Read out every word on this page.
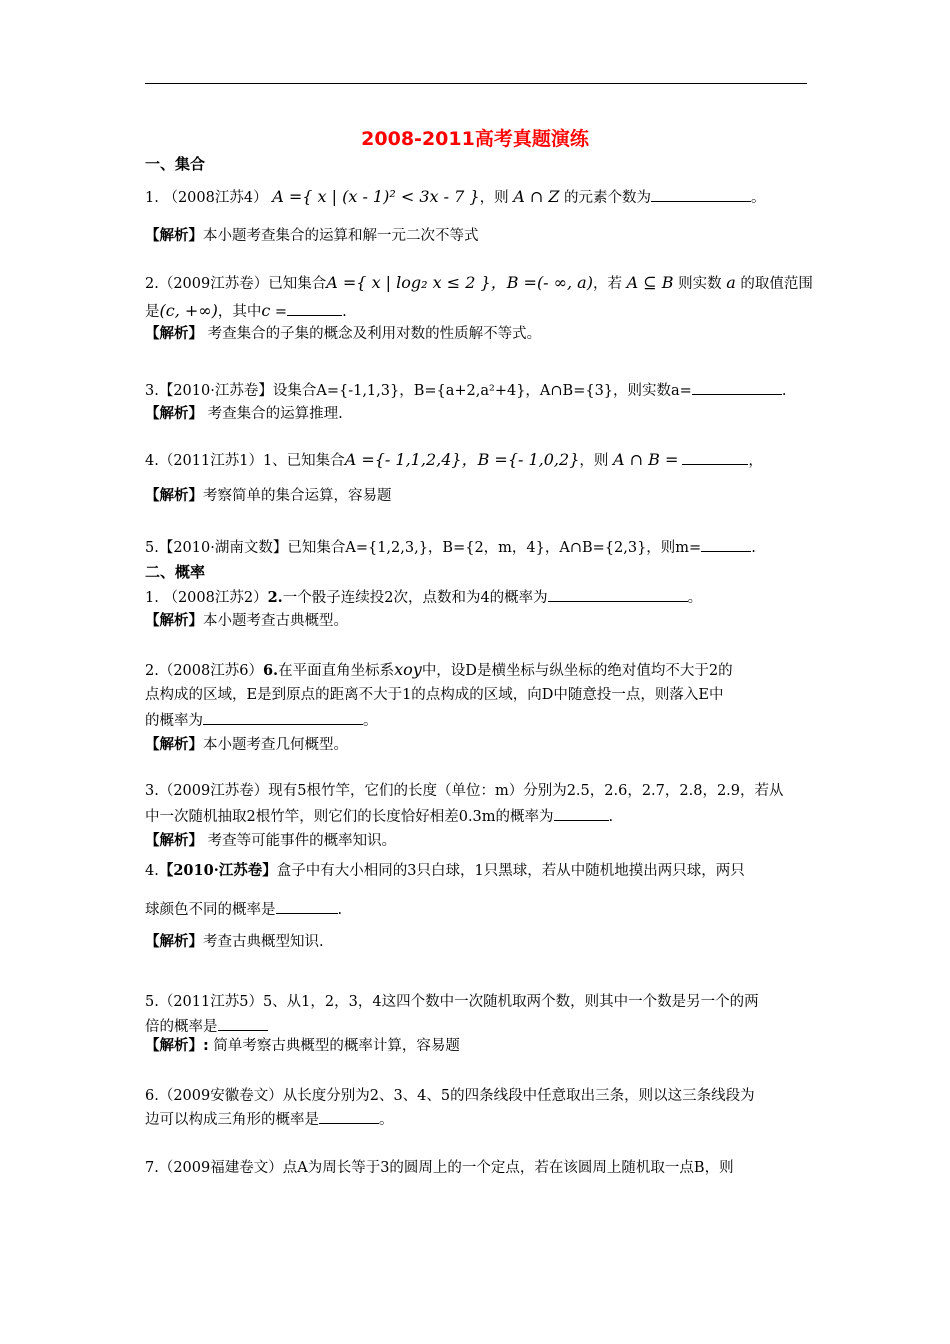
2008-2011高考真题演练
一、集合
1. （2008江苏4） A ={ x | (x - 1)² < 3x - 7 }，则 A ∩ Z 的元素个数为	。
【解析】本小题考查集合的运算和解一元二次不等式
2.（2009江苏卷）已知集合A ={ x | log₂ x ≤ 2 }，B =(- ∞, a)，若 A ⊆ B 则实数 a 的取值范围
是(c, +∞)，其中c =	.
【解析】 考查集合的子集的概念及利用对数的性质解不等式。
3.【2010·江苏卷】设集合A={-1,1,3}，B={a+2,a²+4}，A∩B={3}，则实数a=	.
【解析】 考查集合的运算推理.
4.（2011江苏1）1、已知集合A ={- 1,1,2,4}，B ={- 1,0,2}，则 A ∩ B =	，
【解析】考察简单的集合运算，容易题
5.【2010·湖南文数】已知集合A={1,2,3,}，B={2，m，4}，A∩B={2,3}，则m=	.
二、概率
1. （2008江苏2）2.一个骰子连续投2次，点数和为4的概率为	。
【解析】本小题考查古典概型。
2.（2008江苏6）6.在平面直角坐标系xoy中，设D是横坐标与纵坐标的绝对值均不大于2的
点构成的区域，E是到原点的距离不大于1的点构成的区域，向D中随意投一点，则落入E中
的概率为	。
【解析】本小题考查几何概型。
3.（2009江苏卷）现有5根竹竿，它们的长度（单位：m）分别为2.5，2.6，2.7，2.8，2.9，若从
中一次随机抽取2根竹竿，则它们的长度恰好相差0.3m的概率为	.
【解析】 考查等可能事件的概率知识。
4.【2010·江苏卷】盒子中有大小相同的3只白球，1只黑球，若从中随机地摸出两只球，两只
球颜色不同的概率是	.
【解析】考查古典概型知识.
5.（2011江苏5）5、从1，2，3，4这四个数中一次随机取两个数，则其中一个数是另一个的两
倍的概率是
【解析】: 简单考察古典概型的概率计算，容易题
6.（2009安徽卷文）从长度分别为2、3、4、5的四条线段中任意取出三条，则以这三条线段为
边可以构成三角形的概率是	。
7.（2009福建卷文）点A为周长等于3的圆周上的一个定点，若在该圆周上随机取一点B，则
